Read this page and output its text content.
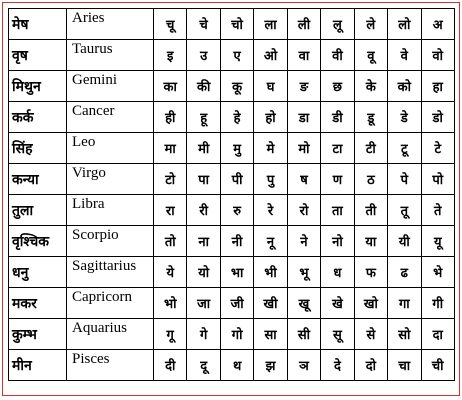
मेष	Aries	चू	चे	चो	ला	ली	लू	ले	लो	अ
वृष	Taurus	इ	उ	ए	ओ	वा	वी	वू	वे	वो
मिथुन	Gemini	का	की	कू	घ	ङ	छ	के	को	हा
कर्क	Cancer	ही	हू	हे	हो	डा	डी	डू	डे	डो
सिंह	Leo	मा	मी	मु	मे	मो	टा	टी	टू	टे
कन्या	Virgo	टो	पा	पी	पु	ष	ण	ठ	पे	पो
तुला	Libra	रा	री	रु	रे	रो	ता	ती	तू	ते
वृश्चिक	Scorpio	तो	ना	नी	नू	ने	नो	या	यी	यू
धनु	Sagittarius	ये	यो	भा	भी	भू	ध	फ	ढ	भे
मकर	Capricorn	भो	जा	जी	खी	खू	खे	खो	गा	गी
कुम्भ	Aquarius	गू	गे	गो	सा	सी	सू	से	सो	दा
मीन	Pisces	दी	दू	थ	झ	ञ	दे	दो	चा	ची
